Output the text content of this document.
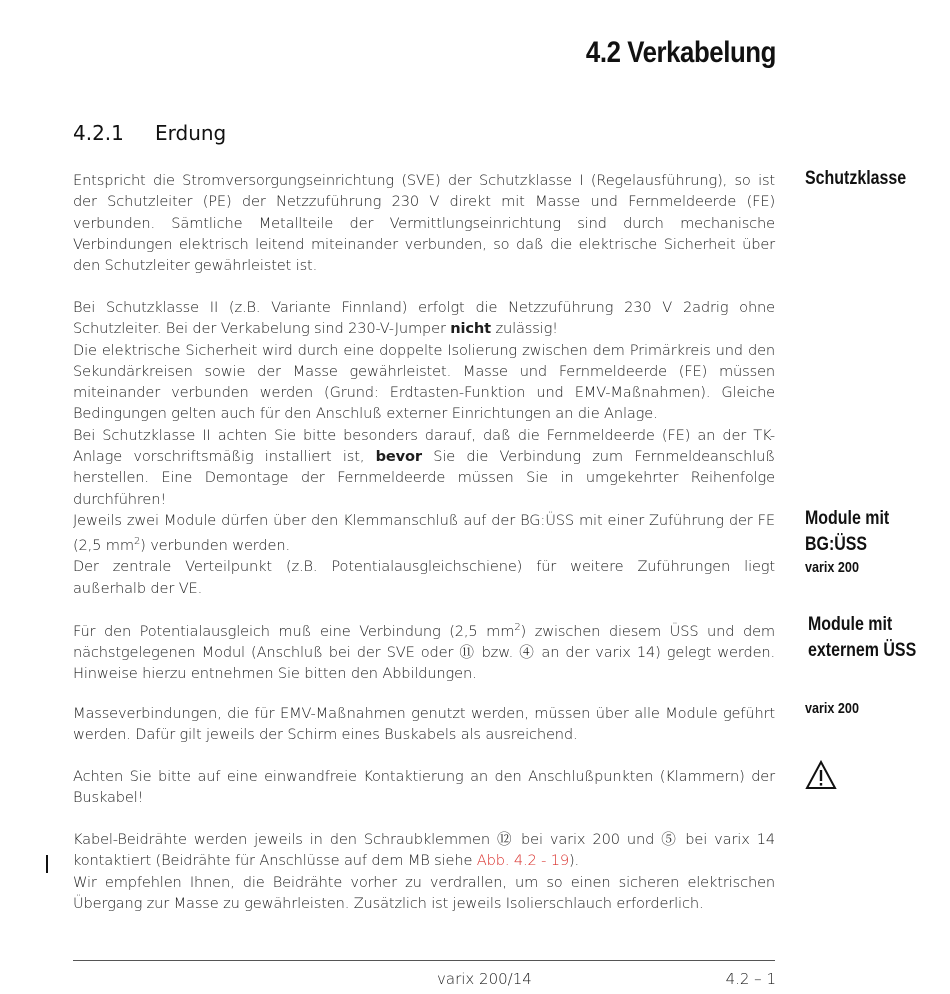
4.2 Verkabelung
4.2.1 Erdung

Entspricht die Stromversorgungseinrichtung (SVE) der Schutzklasse I (Regelausführung), so ist der Schutzleiter (PE) der Netzzuführung 230 V direkt mit Masse und Fernmeldeerde (FE) verbunden. Sämtliche Metallteile der Vermittlungseinrichtung sind durch mechanische Verbindungen elektrisch leitend miteinander verbunden, so daß die elektrische Sicherheit über den Schutzleiter gewährleistet ist.

Bei Schutzklasse II (z.B. Variante Finnland) erfolgt die Netzzuführung 230 V 2adrig ohne Schutzleiter. Bei der Verkabelung sind 230-V-Jumper nicht zulässig!

Die elektrische Sicherheit wird durch eine doppelte Isolierung zwischen dem Primärkreis und den Sekundärkreisen sowie der Masse gewährleistet. Masse und Fernmeldeerde (FE) müssen miteinander verbunden werden (Grund: Erdtasten-Funktion und EMV-Maßnahmen). Gleiche Bedingungen gelten auch für den Anschluß externer Einrichtungen an die Anlage.

Bei Schutzklasse II achten Sie bitte besonders darauf, daß die Fernmeldeerde (FE) an der TK-Anlage vorschriftsmäßig installiert ist, bevor Sie die Verbindung zum Fernmeldeanschluß herstellen. Eine Demontage der Fernmeldeerde müssen Sie in umgekehrter Reihenfolge durchführen!

Jeweils zwei Module dürfen über den Klemmanschluß auf der BG:ÜSS mit einer Zuführung der FE (2,5 $mm^2$) verbunden werden.

Der zentrale Verteilpunkt (z.B. Potentialausgleichschiene) für weitere Zuführungen liegt außerhalb der VE.

Für den Potentialausgleich muß eine Verbindung (2,5 $mm^2$) zwischen diesem ÜSS und dem nächstgelegenen Modul (Anschluß bei der SVE oder ⑪ bzw. ④ an der varix 14) gelegt werden. Hinweise hierzu entnehmen Sie bitten den Abbildungen.

Masseverbindungen, die für EMV-Maßnahmen genutzt werden, müssen über alle Module geführt werden. Dafür gilt jeweils der Schirm eines Buskabels als ausreichend.

Achten Sie bitte auf eine einwandfreie Kontaktierung an den Anschlußpunkten (Klammern) der Buskabel!

Kabel-Beidrähte werden jeweils in den Schraubklemmen ⑫ bei varix 200 und ⑤ bei varix 14 kontaktiert (Beidrähte für Anschlüsse auf dem MB siehe Abb. 4.2 - 19).

Wir empfehlen Ihnen, die Beidrähte vorher zu verdrallen, um so einen sicheren elektrischen Übergang zur Masse zu gewährleisten. Zusätzlich ist jeweils Isolierschlauch erforderlich.

Schutzklasse
Module mit
BG:ÜSS
varix 200
Module mit
externem ÜSS
varix 200
varix 200/14	4.2 – 1
